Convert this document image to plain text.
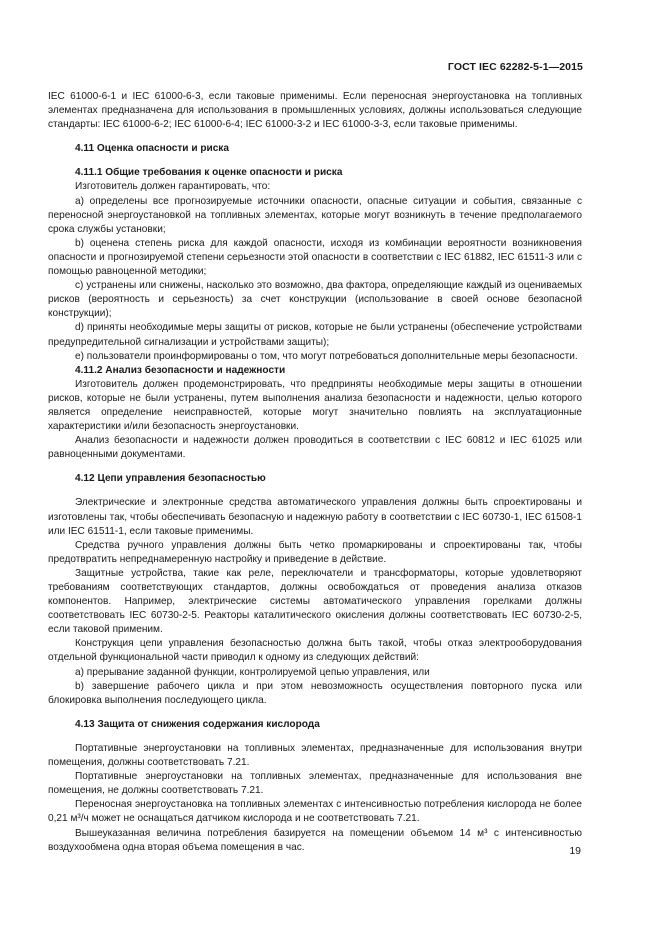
ГОСТ IEC 62282-5-1—2015

IEC 61000-6-1 и IEC 61000-6-3, если таковые применимы. Если переносная энергоустановка на топливных элементах предназначена для использования в промышленных условиях, должны использоваться следующие стандарты: IEC 61000-6-2; IEC 61000-6-4; IEC 61000-3-2 и IEC 61000-3-3, если таковые применимы.

4.11 Оценка опасности и риска
4.11.1 Общие требования к оценке опасности и риска

Изготовитель должен гарантировать, что:

a) определены все прогнозируемые источники опасности, опасные ситуации и события, связанные с переносной энергоустановкой на топливных элементах, которые могут возникнуть в течение предполагаемого срока службы установки;

b) оценена степень риска для каждой опасности, исходя из комбинации вероятности возникновения опасности и прогнозируемой степени серьезности этой опасности в соответствии с IEC 61882, IEC 61511-3 или с помощью равноценной методики;

c) устранены или снижены, насколько это возможно, два фактора, определяющие каждый из оцениваемых рисков (вероятность и серьезность) за счет конструкции (использование в своей основе безопасной конструкции);

d) приняты необходимые меры защиты от рисков, которые не были устранены (обеспечение устройствами предупредительной сигнализации и устройствами защиты);

e) пользователи проинформированы о том, что могут потребоваться дополнительные меры безопасности.

4.11.2 Анализ безопасности и надежности

Изготовитель должен продемонстрировать, что предприняты необходимые меры защиты в отношении рисков, которые не были устранены, путем выполнения анализа безопасности и надежности, целью которого является определение неисправностей, которые могут значительно повлиять на эксплуатационные характеристики и/или безопасность энергоустановки.

Анализ безопасности и надежности должен проводиться в соответствии с IEC 60812 и IEC 61025 или равноценными документами.

4.12 Цепи управления безопасностью

Электрические и электронные средства автоматического управления должны быть спроектированы и изготовлены так, чтобы обеспечивать безопасную и надежную работу в соответствии с IEC 60730-1, IEC 61508-1 или IEC 61511-1, если таковые применимы.

Средства ручного управления должны быть четко промаркированы и спроектированы так, чтобы предотвратить непреднамеренную настройку и приведение в действие.

Защитные устройства, такие как реле, переключатели и трансформаторы, которые удовлетворяют требованиям соответствующих стандартов, должны освобождаться от проведения анализа отказов компонентов. Например, электрические системы автоматического управления горелками должны соответствовать IEC 60730-2-5. Реакторы каталитического окисления должны соответствовать IEC 60730-2-5, если таковой применим.

Конструкция цепи управления безопасностью должна быть такой, чтобы отказ электрооборудования отдельной функциональной части приводил к одному из следующих действий:

a) прерывание заданной функции, контролируемой цепью управления, или

b) завершение рабочего цикла и при этом невозможность осуществления повторного пуска или блокировка выполнения последующего цикла.

4.13 Защита от снижения содержания кислорода

Портативные энергоустановки на топливных элементах, предназначенные для использования внутри помещения, должны соответствовать 7.21.

Портативные энергоустановки на топливных элементах, предназначенные для использования вне помещения, не должны соответствовать 7.21.

Переносная энергоустановка на топливных элементах с интенсивностью потребления кислорода не более 0,21 м³/ч может не оснащаться датчиком кислорода и не соответствовать 7.21.

Вышеуказанная величина потребления базируется на помещении объемом 14 м³ с интенсивностью воздухообмена одна вторая объема помещения в час.	19
